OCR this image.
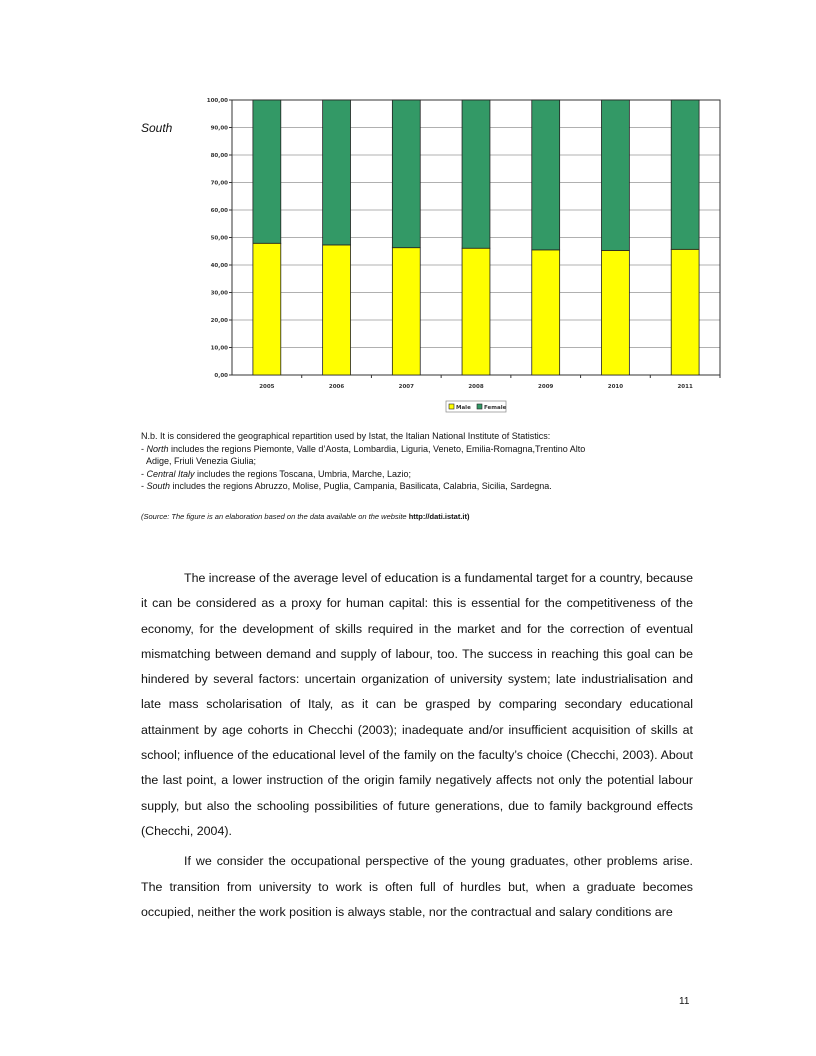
South
0,00
10,00
20,00
30,00
40,00
50,00
60,00
70,00
80,00
90,00
100,00
2005	2006	2007	2008	2009	2010	2011
Male Female

N.b. It is considered the geographical repartition used by Istat, the Italian National Institute of Statistics:

- North includes the regions Piemonte, Valle d’Aosta, Lombardia, Liguria, Veneto, Emilia-Romagna,Trentino Alto

Adige, Friuli Venezia Giulia;

- Central Italy includes the regions Toscana, Umbria, Marche, Lazio;

- South includes the regions Abruzzo, Molise, Puglia, Campania, Basilicata, Calabria, Sicilia, Sardegna.

(Source: The figure is an elaboration based on the data available on the website http://dati.istat.it)

The increase of the average level of education is a fundamental target for a country, because it can be considered as a proxy for human capital: this is essential for the competitiveness of the economy, for the development of skills required in the market and for the correction of eventual mismatching between demand and supply of labour, too. The success in reaching this goal can be hindered by several factors: uncertain organization of university system; late industrialisation and late mass scholarisation of Italy, as it can be grasped by comparing secondary educational attainment by age cohorts in Checchi (2003); inadequate and/or insufficient acquisition of skills at school; influence of the educational level of the family on the faculty’s choice (Checchi, 2003). About the last point, a lower instruction of the origin family negatively affects not only the potential labour supply, but also the schooling possibilities of future generations, due to family background effects (Checchi, 2004).

If we consider the occupational perspective of the young graduates, other problems arise. The transition from university to work is often full of hurdles but, when a graduate becomes occupied, neither the work position is always stable, nor the contractual and salary conditions are

11
